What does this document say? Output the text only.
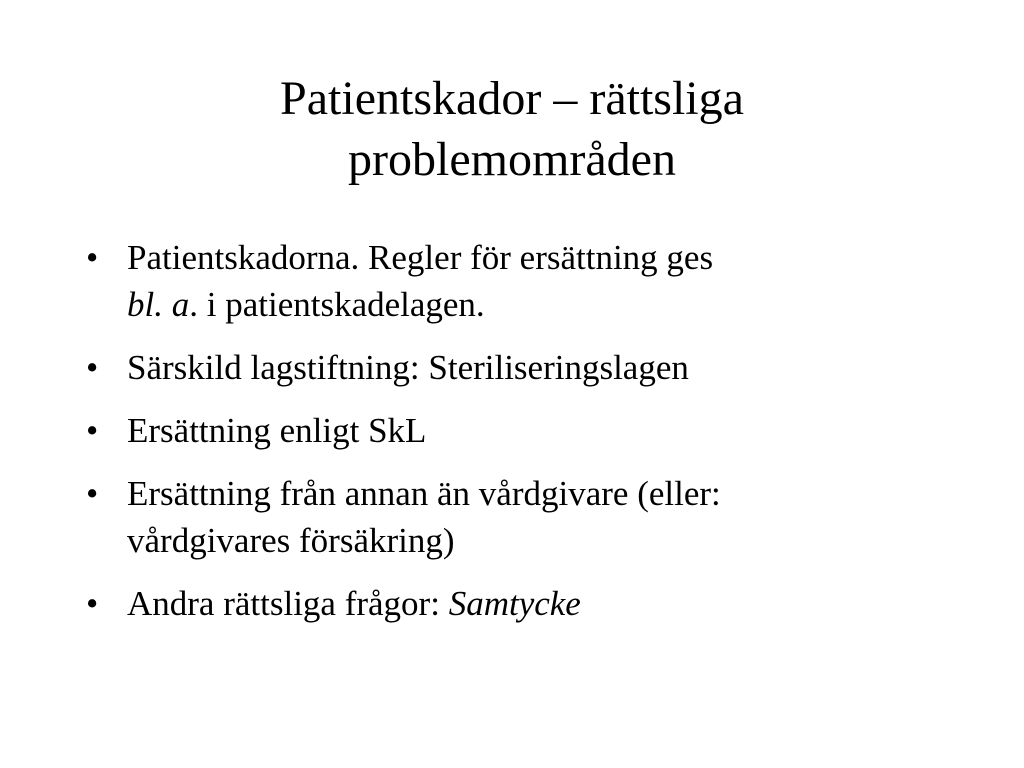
Patientskador – rättsliga
problemområden
• Patientskadorna. Regler för ersättning ges
bl. a. i patientskadelagen.
• Särskild lagstiftning: Steriliseringslagen
• Ersättning enligt SkL
• Ersättning från annan än vårdgivare (eller:
vårdgivares försäkring)
• Andra rättsliga frågor: Samtycke
